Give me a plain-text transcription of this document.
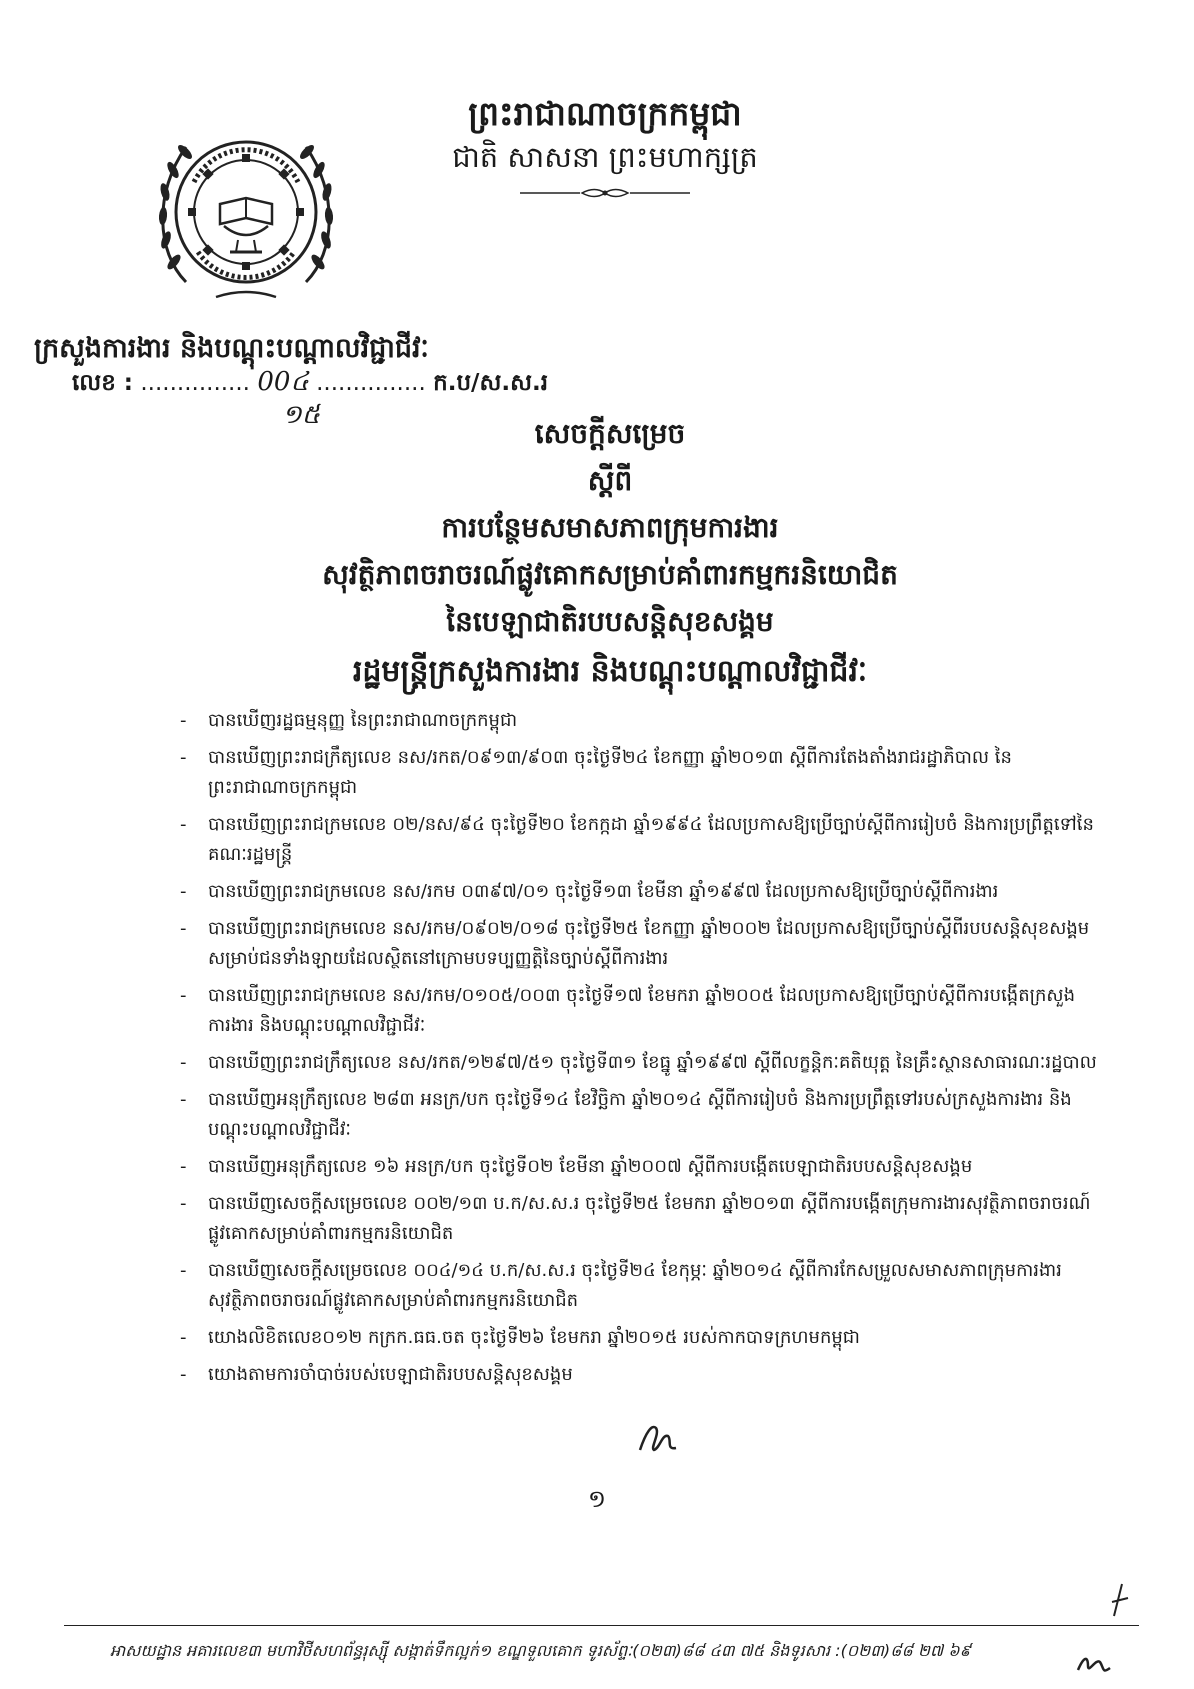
ព្រះរាជាណាចក្រកម្ពុជា
ជាតិ សាសនា ព្រះមហាក្សត្រ
ក្រសួងការងារ និងបណ្តុះបណ្តាលវិជ្ជាជីវៈ
លេខ : ............... 00៤ ............... ក.ប/ស.ស.រ
១៥
សេចក្តីសម្រេច
ស្តីពី
ការបន្ថែមសមាសភាពក្រុមការងារ
សុវត្ថិភាពចរាចរណ៍ផ្លូវគោកសម្រាប់គាំពារកម្មករនិយោជិត
នៃបេឡាជាតិរបបសន្តិសុខសង្គម
រដ្ឋមន្ត្រីក្រសួងការងារ និងបណ្តុះបណ្តាលវិជ្ជាជីវៈ
- បានឃើញរដ្ឋធម្មនុញ្ញ នៃព្រះរាជាណាចក្រកម្ពុជា
- បានឃើញព្រះរាជក្រឹត្យលេខ នស/រកត/០៩១៣/៩០៣ ចុះថ្ងៃទី២៤ ខែកញ្ញា ឆ្នាំ២០១៣ ស្តីពីការតែងតាំងរាជរដ្ឋាភិបាល នៃព្រះរាជាណាចក្រកម្ពុជា
- បានឃើញព្រះរាជក្រមលេខ ០២/នស/៩៤ ចុះថ្ងៃទី២០ ខែកក្កដា ឆ្នាំ១៩៩៤ ដែលប្រកាសឱ្យប្រើច្បាប់ស្តីពីការរៀបចំ និងការប្រព្រឹត្តទៅនៃគណៈរដ្ឋមន្ត្រី
- បានឃើញព្រះរាជក្រមលេខ នស/រកម ០៣៩៧/០១ ចុះថ្ងៃទី១៣ ខែមីនា ឆ្នាំ១៩៩៧ ដែលប្រកាសឱ្យប្រើច្បាប់ស្តីពីការងារ
- បានឃើញព្រះរាជក្រមលេខ នស/រកម/០៩០២/០១៨ ចុះថ្ងៃទី២៥ ខែកញ្ញា ឆ្នាំ២០០២ ដែលប្រកាសឱ្យប្រើច្បាប់ស្តីពីរបបសន្តិសុខសង្គមសម្រាប់ជនទាំងឡាយដែលស្ថិតនៅក្រោមបទប្បញ្ញត្តិនៃច្បាប់ស្តីពីការងារ
- បានឃើញព្រះរាជក្រមលេខ នស/រកម/០១០៥/០០៣ ចុះថ្ងៃទី១៧ ខែមករា ឆ្នាំ២០០៥ ដែលប្រកាសឱ្យប្រើច្បាប់ស្តីពីការបង្កើតក្រសួងការងារ និងបណ្តុះបណ្តាលវិជ្ជាជីវៈ
- បានឃើញព្រះរាជក្រឹត្យលេខ នស/រកត/១២៩៧/៥១ ចុះថ្ងៃទី៣១ ខែធ្នូ ឆ្នាំ១៩៩៧ ស្តីពីលក្ខន្តិកៈគតិយុត្ត នៃគ្រឹះស្ថានសាធារណៈរដ្ឋបាល
- បានឃើញអនុក្រឹត្យលេខ ២៨៣ អនក្រ/បក ចុះថ្ងៃទី១៤ ខែវិច្ឆិកា ឆ្នាំ២០១៤ ស្តីពីការរៀបចំ និងការប្រព្រឹត្តទៅរបស់ក្រសួងការងារ និងបណ្តុះបណ្តាលវិជ្ជាជីវៈ
- បានឃើញអនុក្រឹត្យលេខ ១៦ អនក្រ/បក ចុះថ្ងៃទី០២ ខែមីនា ឆ្នាំ២០០៧ ស្តីពីការបង្កើតបេឡាជាតិរបបសន្តិសុខសង្គម
- បានឃើញសេចក្តីសម្រេចលេខ ០០២/១៣ ប.ក/ស.ស.រ ចុះថ្ងៃទី២៥ ខែមករា ឆ្នាំ២០១៣ ស្តីពីការបង្កើតក្រុមការងារសុវត្ថិភាពចរាចរណ៍ផ្លូវគោកសម្រាប់គាំពារកម្មករនិយោជិត
- បានឃើញសេចក្តីសម្រេចលេខ ០០៤/១៤ ប.ក/ស.ស.រ ចុះថ្ងៃទី២៤ ខែកុម្ភៈ ឆ្នាំ២០១៤ ស្តីពីការកែសម្រួលសមាសភាពក្រុមការងារសុវត្ថិភាពចរាចរណ៍ផ្លូវគោកសម្រាប់គាំពារកម្មករនិយោជិត
- យោងលិខិតលេខ០១២ កក្រក.ធធ.ចត ចុះថ្ងៃទី២៦ ខែមករា ឆ្នាំ២០១៥ របស់កាកបាទក្រហមកម្ពុជា
- យោងតាមការចាំបាច់របស់បេឡាជាតិរបបសន្តិសុខសង្គម
១
អាសយដ្ឋាន អគារលេខ៣ មហាវិថីសហព័ន្ធរុស្ស៊ី សង្កាត់ទឹកល្អក់១ ខណ្ឌទួលគោក ទូរស័ព្ទៈ(០២៣)៨៨ ៤៣ ៧៥ និងទូរសារ :(០២៣)៨៨ ២៧ ៦៩
